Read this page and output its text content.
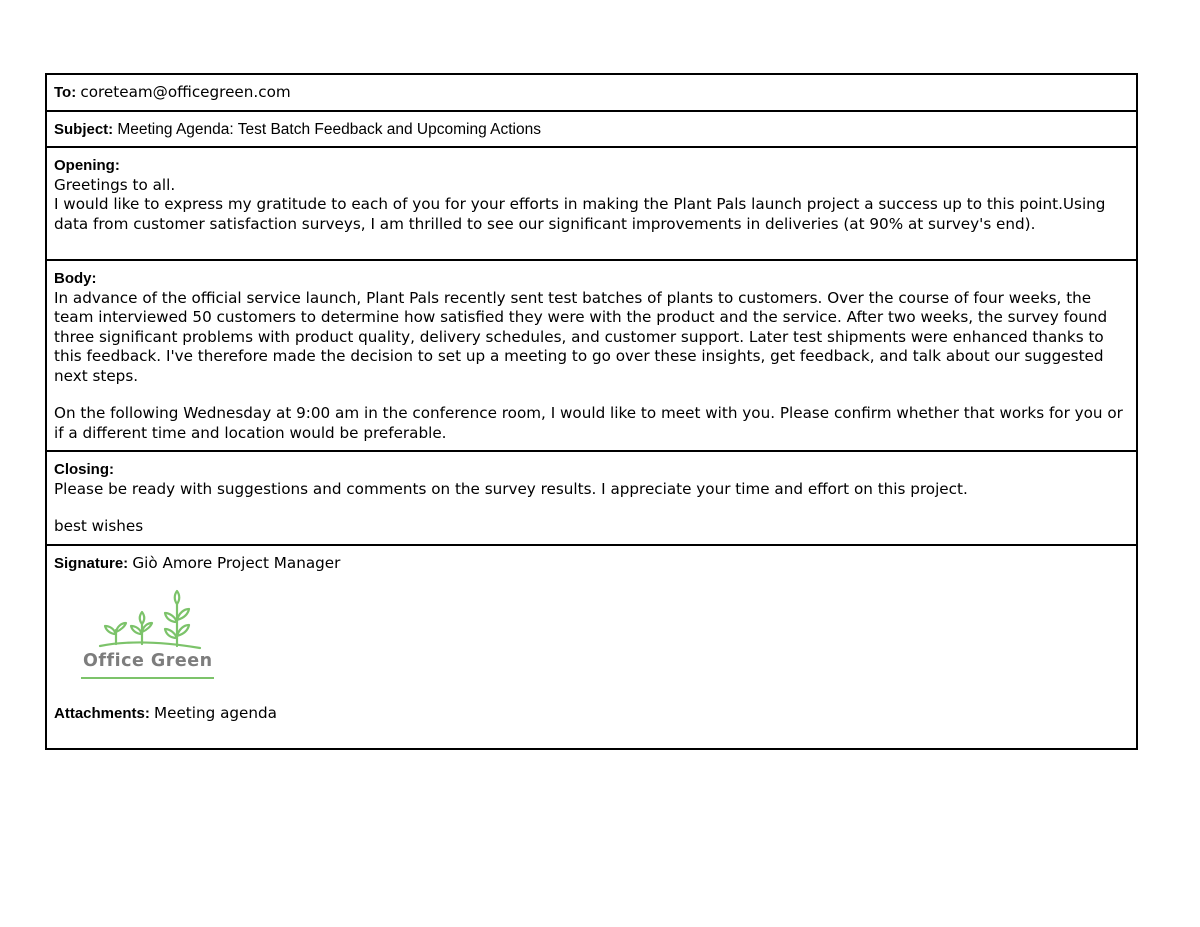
To: coreteam@officegreen.com
Subject: Meeting Agenda: Test Batch Feedback and Upcoming Actions
Opening:
Greetings to all.
I would like to express my gratitude to each of you for your efforts in making the Plant Pals launch project a success up to this point.Using data from customer satisfaction surveys, I am thrilled to see our significant improvements in deliveries (at 90% at survey's end).
Body:
In advance of the official service launch, Plant Pals recently sent test batches of plants to customers. Over the course of four weeks, the team interviewed 50 customers to determine how satisfied they were with the product and the service. After two weeks, the survey found three significant problems with product quality, delivery schedules, and customer support. Later test shipments were enhanced thanks to this feedback. I've therefore made the decision to set up a meeting to go over these insights, get feedback, and talk about our suggested next steps.
On the following Wednesday at 9:00 am in the conference room, I would like to meet with you. Please confirm whether that works for you or if a different time and location would be preferable.
Closing:
Please be ready with suggestions and comments on the survey results. I appreciate your time and effort on this project.
best wishes
Signature: Giò Amore Project Manager
Office Green
Attachments: Meeting agenda
